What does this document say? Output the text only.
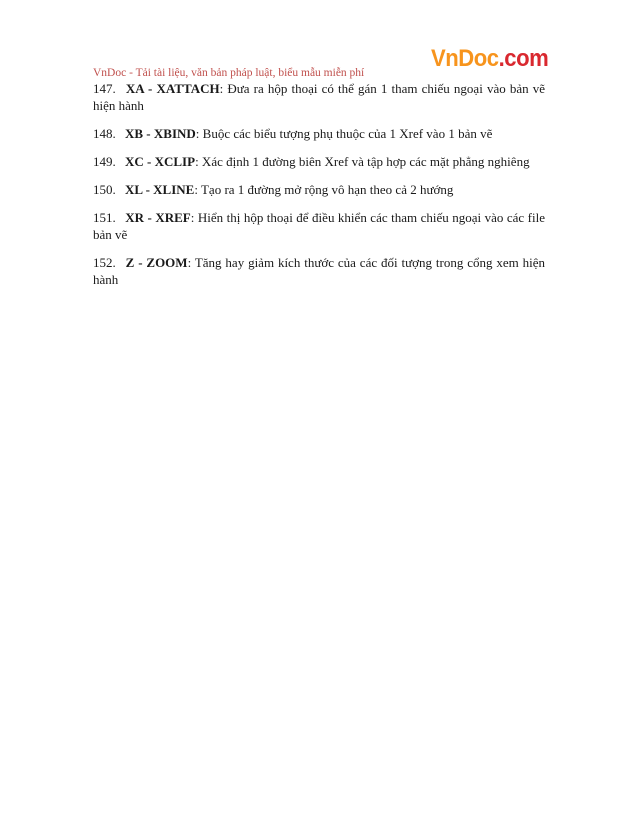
VnDoc - Tải tài liệu, văn bản pháp luật, biểu mẫu miễn phí
VnDoc.com

147. XA - XATTACH: Đưa ra hộp thoại có thể gán 1 tham chiếu ngoại vào bản vẽ hiện hành

148. XB - XBIND: Buộc các biểu tượng phụ thuộc của 1 Xref vào 1 bản vẽ

149. XC - XCLIP: Xác định 1 đường biên Xref và tập hợp các mặt phẳng nghiêng

150. XL - XLINE: Tạo ra 1 đường mở rộng vô hạn theo cả 2 hướng

151. XR - XREF: Hiển thị hộp thoại để điều khiển các tham chiếu ngoại vào các file bản vẽ

152. Z - ZOOM: Tăng hay giảm kích thước của các đối tượng trong cổng xem hiện hành
